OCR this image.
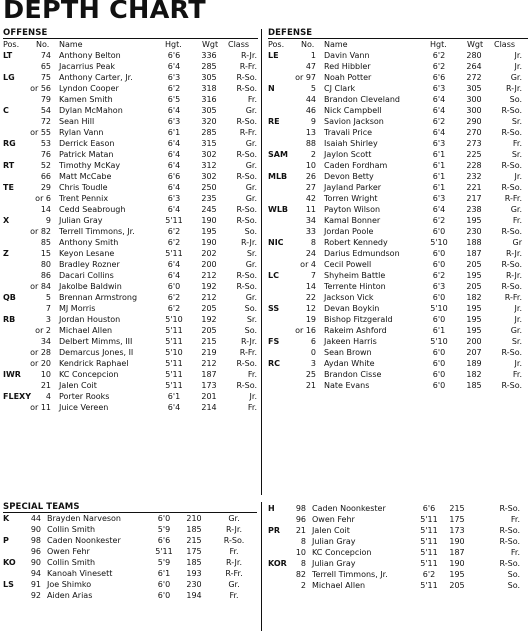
DEPTH CHART
OFFENSE
Pos. No. Name	Hgt.	Wgt Class
LT	74 Anthony Belton	6'6	336	R-Jr.
65 Jacarrius Peak	6'4	285	R-Fr.
LG	75 Anthony Carter, Jr.	6'3	305	R-So.
or 56 Lyndon Cooper	6'2	318	R-So.
79 Kamen Smith	6'5	316	Fr.
C	54 Dylan McMahon	6'4	305	Gr.
72 Sean Hill	6'3	320	R-So.
or 55 Rylan Vann	6'1	285	R-Fr.
RG	53 Derrick Eason	6'4	315	Gr.
76 Patrick Matan	6'4	302	R-So.
RT	52 Timothy McKay	6'4	312	Gr.
66 Matt McCabe	6'6	302	R-So.
TE	29 Chris Toudle	6'4	250	Gr.
or 6 Trent Pennix	6'3	235	Gr.
14 Cedd Seabrough	6'4	245	R-So.
X	9 Julian Gray	5'11	190	R-So.
or 82 Terrell Timmons, Jr.	6'2	195	So.
85 Anthony Smith	6'2	190	R-Jr.
Z	15 Keyon Lesane	5'11	202	Sr.
80 Bradley Rozner	6'4	200	Gr.
86 Dacari Collins	6'4	212	R-So.
or 84 Jakolbe Baldwin	6'0	192	R-So.
QB	5 Brennan Armstrong	6'2	212	Gr.
7 MJ Morris	6'2	205	So.
RB	3 Jordan Houston	5'10	192	Sr.
or 2 Michael Allen	5'11	205	So.
34 Delbert Mimms, III	5'11	215	R-Jr.
or 28 Demarcus Jones, II	5'10	219	R-Fr.
or 20 Kendrick Raphael	5'11	212	R-So.
IWR	10 KC Concepcion	5'11	187	Fr.
21 Jalen Coit	5'11	173	R-So.
FLEXY	4 Porter Rooks	6'1	201	Jr.
or 11 Juice Vereen	6'4	214	Fr.
DEFENSE
Pos. No. Name	Hgt.	Wgt Class
LE	1 Davin Vann	6'2	280	Jr.
47 Red Hibbler	6'2	264	Jr.
or 97 Noah Potter	6'6	272	Gr.
N	5 CJ Clark	6'3	305	R-Jr.
44 Brandon Cleveland	6'4	300	So.
46 Nick Campbell	6'4	300	R-So.
RE	9 Savion Jackson	6'2	290	Sr.
13 Travali Price	6'4	270	R-So.
88 Isaiah Shirley	6'3	273	Fr.
SAM	2 Jaylon Scott	6'1	225	Sr.
10 Caden Fordham	6'1	228	R-So.
MLB	26 Devon Betty	6'1	232	Jr.
27 Jayland Parker	6'1	221	R-So.
42 Torren Wright	6'3	217	R-Fr.
WLB	11 Payton Wilson	6'4	238	Gr.
34 Kamal Bonner	6'2	195	Fr.
33 Jordan Poole	6'0	230	R-So.
NIC	8 Robert Kennedy	5'10	188	Gr
24 Darius Edmundson	6'0	187	R-Jr.
or 4 Cecil Powell	6'0	205	R-So.
LC	7 Shyheim Battle	6'2	195	R-Jr.
14 Terrente Hinton	6'3	205	R-So.
22 Jackson Vick	6'0	182	R-Fr.
SS	12 Devan Boykin	5'10	195	Jr.
19 Bishop Fitzgerald	6'0	195	Jr.
or 16 Rakeim Ashford	6'1	195	Gr.
FS	6 Jakeen Harris	5'10	200	Sr.
0 Sean Brown	6'0	207	R-So.
RC	3 Aydan White	6'0	189	Jr.
25 Brandon Cisse	6'0	182	Fr.
21 Nate Evans	6'0	185	R-So.
SPECIAL TEAMS
K	44 Brayden Narveson	6'0	210	Gr.
90 Collin Smith	5'9	185	R-Jr.
P	98 Caden Noonkester	6'6	215	R-So.
96 Owen Fehr	5'11	175	Fr.
KO	90 Collin Smith	5'9	185	R-Jr.
94 Kanoah Vinesett	6'1	193	R-Fr.
LS	91 Joe Shimko	6'0	230	Gr.
92 Aiden Arias	6'0	194	Fr.
H	98 Caden Noonkester	6'6	215	R-So.
96 Owen Fehr	5'11	175	Fr.
PR	21 Jalen Coit	5'11	173	R-So.
8 Julian Gray	5'11	190	R-So.
10 KC Concepcion	5'11	187	Fr.
KOR	8 Julian Gray	5'11	190	R-So.
82 Terrell Timmons, Jr.	6'2	195	So.
2 Michael Allen	5'11	205	So.
